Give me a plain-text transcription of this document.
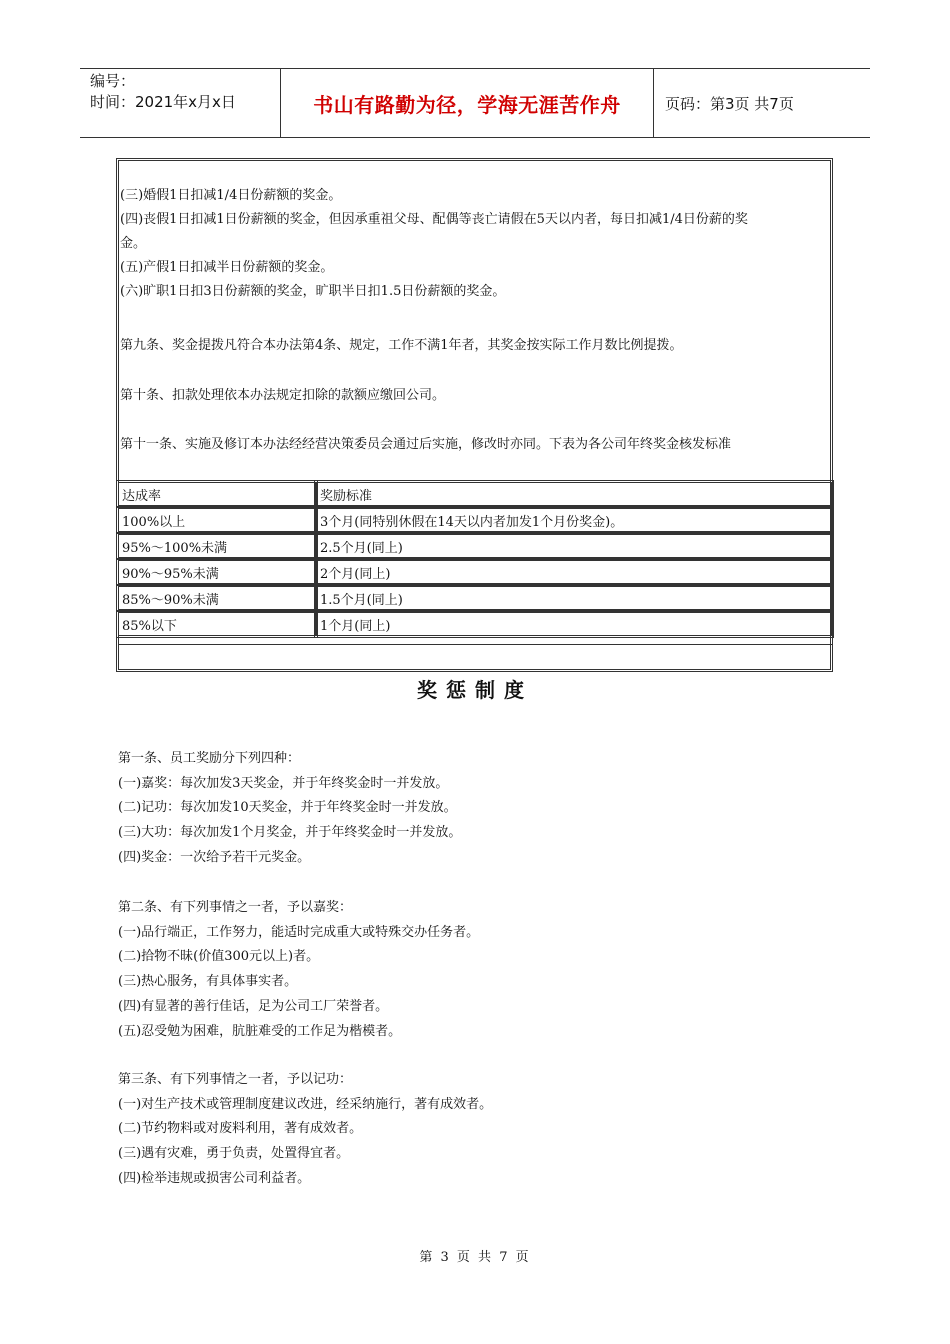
编号：
时间：2021年x月x日	书山有路勤为径，学海无涯苦作舟	页码：第3页 共7页
(三)婚假1日扣减1/4日份薪额的奖金。
(四)丧假1日扣减1日份薪额的奖金，但因承重祖父母、配偶等丧亡请假在5天以内者，每日扣减1/4日份薪的奖
金。
(五)产假1日扣减半日份薪额的奖金。
(六)旷职1日扣3日份薪额的奖金，旷职半日扣1.5日份薪额的奖金。
第九条、奖金提拨凡符合本办法第4条、规定，工作不满1年者，其奖金按实际工作月数比例提拨。
第十条、扣款处理依本办法规定扣除的款额应缴回公司。
第十一条、实施及修订本办法经经营决策委员会通过后实施，修改时亦同。下表为各公司年终奖金核发标准
达成率	奖励标准
100%以上	3个月(同特别休假在14天以内者加发1个月份奖金)。
95%～100%未满	2.5个月(同上)
90%～95%未满	2个月(同上)
85%～90%未满	1.5个月(同上)
85%以下	1个月(同上)
奖惩制度
第一条、员工奖励分下列四种：
(一)嘉奖：每次加发3天奖金，并于年终奖金时一并发放。
(二)记功：每次加发10天奖金，并于年终奖金时一并发放。
(三)大功：每次加发1个月奖金，并于年终奖金时一并发放。
(四)奖金：一次给予若干元奖金。
第二条、有下列事情之一者，予以嘉奖：
(一)品行端正，工作努力，能适时完成重大或特殊交办任务者。
(二)拾物不昧(价值300元以上)者。
(三)热心服务，有具体事实者。
(四)有显著的善行佳话，足为公司工厂荣誉者。
(五)忍受勉为困难，肮脏难受的工作足为楷模者。
第三条、有下列事情之一者，予以记功：
(一)对生产技术或管理制度建议改进，经采纳施行，著有成效者。
(二)节约物料或对废料利用，著有成效者。
(三)遇有灾难，勇于负责，处置得宜者。
(四)检举违规或损害公司利益者。
第 3 页 共 7 页
